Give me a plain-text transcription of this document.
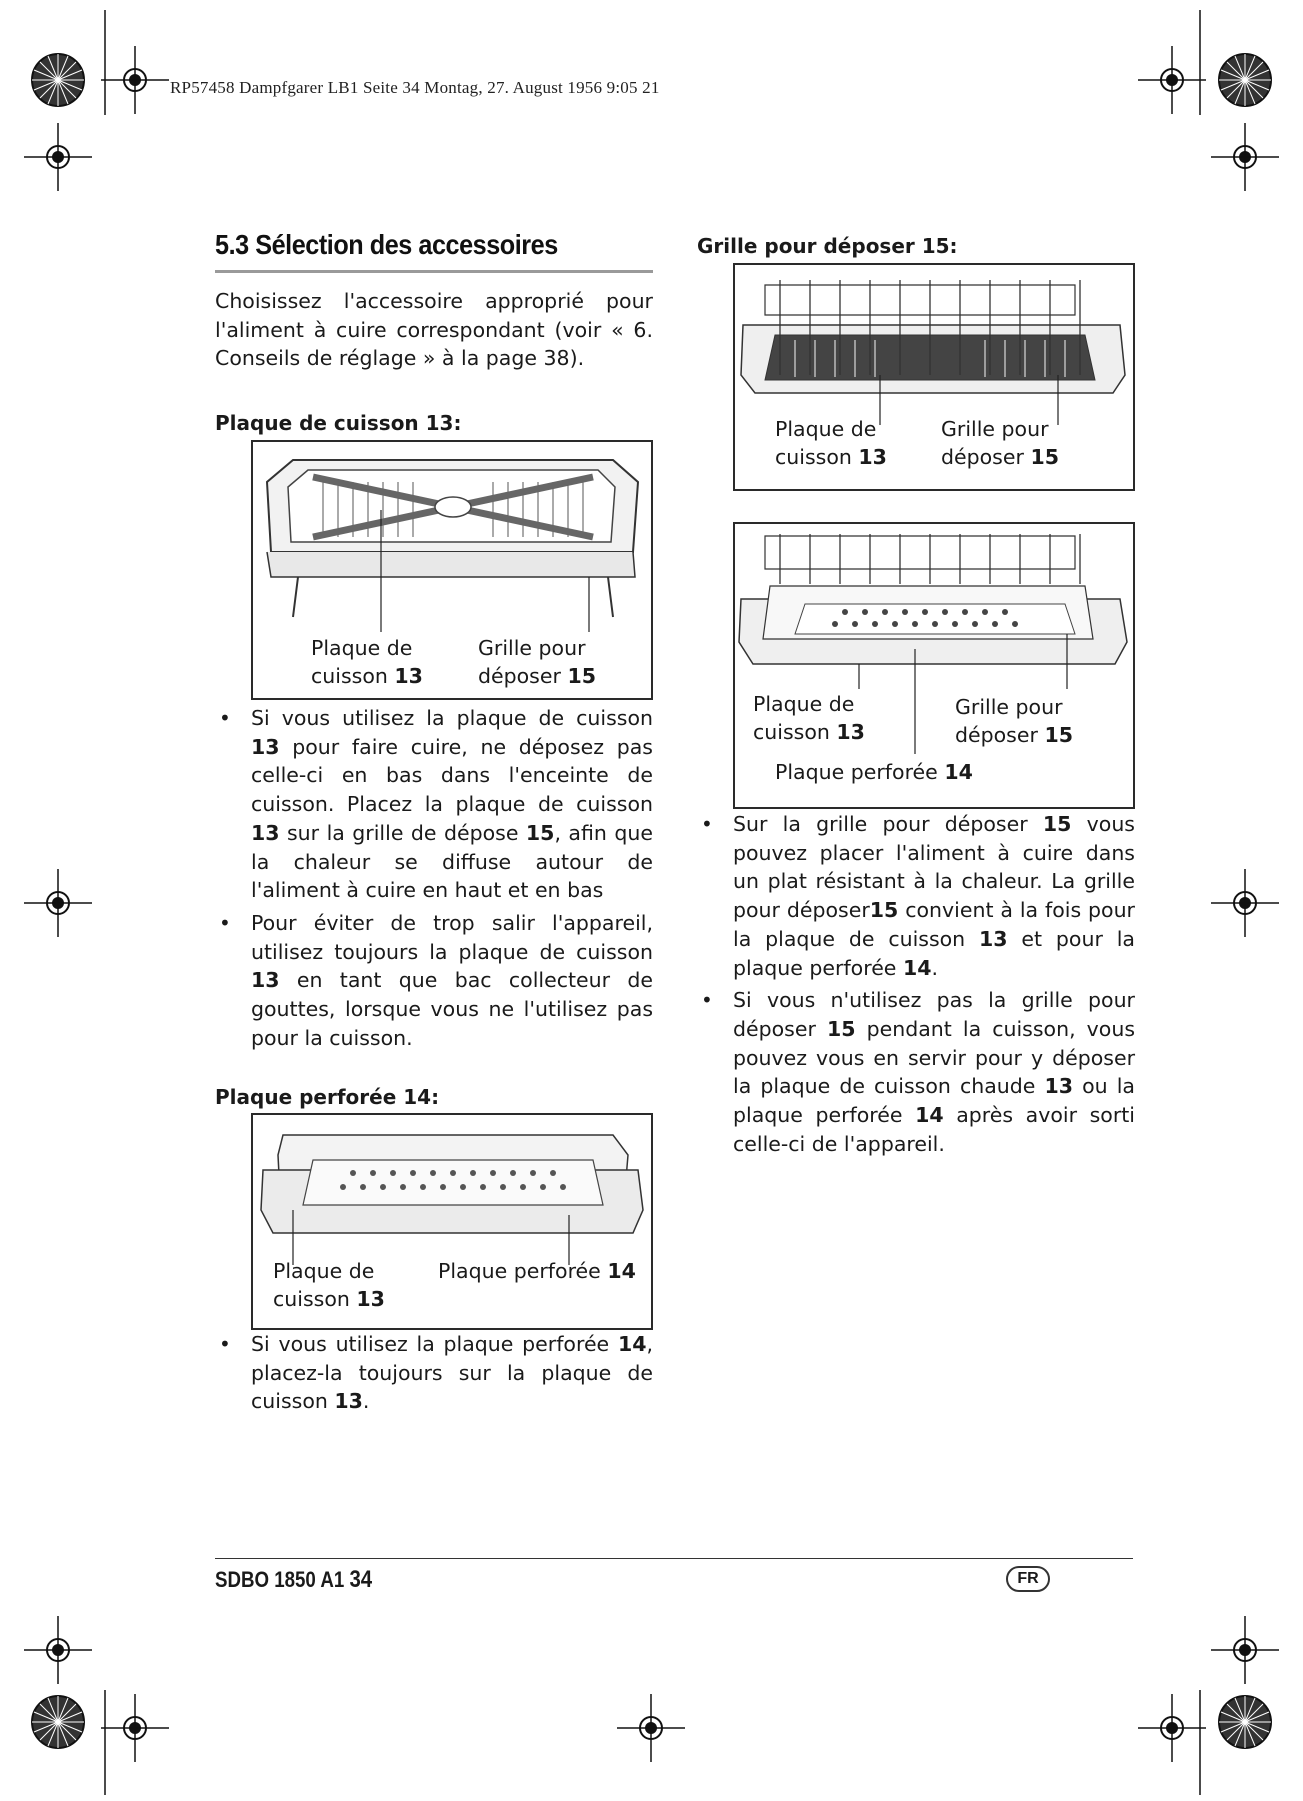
RP57458 Dampfgarer LB1 Seite 34 Montag, 27. August 1956 9:05 21
5.3 Sélection des accessoires

Choisissez l'accessoire approprié pour l'aliment à cuire correspondant (voir « 6. Conseils de réglage » à la page 38).

Plaque de cuisson 13:

Plaque de
cuisson 13
Grille pour
déposer 15
• Si vous utilisez la plaque de cuisson 13 pour faire cuire, ne déposez pas celle-ci en bas dans l'enceinte de cuisson. Placez la plaque de cuisson 13 sur la grille de dépose 15, afin que la chaleur se diffuse autour de l'aliment à cuire en haut et en bas
• Pour éviter de trop salir l'appareil, utilisez toujours la plaque de cuisson 13 en tant que bac collecteur de gouttes, lorsque vous ne l'utilisez pas pour la cuisson.

Plaque perforée 14:

Plaque de
cuisson 13
Plaque perforée 14
• Si vous utilisez la plaque perforée 14, placez-la toujours sur la plaque de cuisson 13.

Grille pour déposer 15:

Plaque de
cuisson 13
Grille pour
déposer 15
Plaque de
cuisson 13
Grille pour
déposer 15
Plaque perforée 14
• Sur la grille pour déposer 15 vous pouvez placer l'aliment à cuire dans un plat résistant à la chaleur. La grille pour déposer15 convient à la fois pour la plaque de cuisson 13 et pour la plaque perforée 14.
• Si vous n'utilisez pas la grille pour déposer 15 pendant la cuisson, vous pouvez vous en servir pour y déposer la plaque de cuisson chaude 13 ou la plaque perforée 14 après avoir sorti celle-ci de l'appareil.
SDBO 1850 A1 34	FR
